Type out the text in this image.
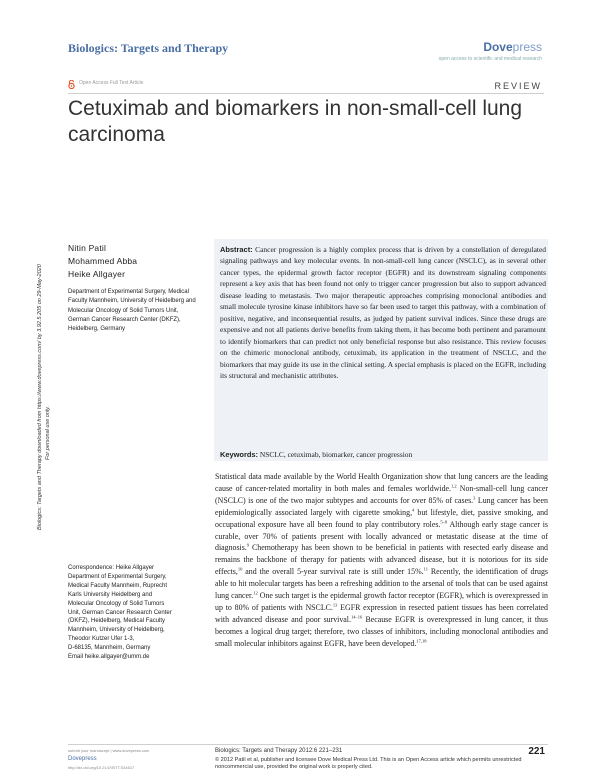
Biologics: Targets and Therapy	Dovepress
open access to scientific and medical research
Open Access Full Text Article	REVIEW
Cetuximab and biomarkers in non-small-cell lung carcinoma
Biologics: Targets and Therapy downloaded from https://www.dovepress.com/ by 3.92.5.205 on 29-May-2020 For personal use only.
Nitin Patil
Mohammed Abba
Heike Allgayer
Department of Experimental Surgery, Medical Faculty Mannheim, University of Heidelberg and Molecular Oncology of Solid Tumors Unit, German Cancer Research Center (DKFZ), Heidelberg, Germany
Correspondence: Heike Allgayer
Department of Experimental Surgery,
Medical Faculty Mannheim, Ruprecht
Karls University Heidelberg and
Molecular Oncology of Solid Tumors
Unit, German Cancer Research Center
(DKFZ), Heidelberg, Medical Faculty
Mannheim, University of Heidelberg,
Theodor Kutzer Ufer 1-3,
D-68135, Mannheim, Germany
Email heike.allgayer@umm.de
Abstract: Cancer progression is a highly complex process that is driven by a constellation of deregulated signaling pathways and key molecular events. In non-small-cell lung cancer (NSCLC), as in several other cancer types, the epidermal growth factor receptor (EGFR) and its downstream signaling components represent a key axis that has been found not only to trigger cancer progression but also to support advanced disease leading to metastasis. Two major therapeutic approaches comprising monoclonal antibodies and small molecule tyrosine kinase inhibitors have so far been used to target this pathway, with a combination of positive, negative, and inconsequential results, as judged by patient survival indices. Since these drugs are expensive and not all patients derive benefits from taking them, it has become both pertinent and paramount to identify biomarkers that can predict not only beneficial response but also resistance. This review focuses on the chimeric monoclonal antibody, cetuximab, its application in the treatment of NSCLC, and the biomarkers that may guide its use in the clinical setting. A special emphasis is placed on the EGFR, including its structural and mechanistic attributes.
Keywords: NSCLC, cetuximab, biomarker, cancer progression
Statistical data made available by the World Health Organization show that lung cancers are the leading cause of cancer-related mortality in both males and females worldwide.$^{1,2}$ Non-small-cell lung cancer (NSCLC) is one of the two major subtypes and accounts for over 85% of cases.$^3$ Lung cancer has been epidemiologically associated largely with cigarette smoking,$^4$ but lifestyle, diet, passive smoking, and occupational exposure have all been found to play contributory roles.$^{5-8}$ Although early stage cancer is curable, over 70% of patients present with locally advanced or metastatic disease at the time of diagnosis.$^9$ Chemotherapy has been shown to be beneficial in patients with resected early disease and remains the backbone of therapy for patients with advanced disease, but it is notorious for its side effects,$^{10}$ and the overall 5-year survival rate is still under 15%.$^{11}$ Recently, the identification of drugs able to hit molecular targets has been a refreshing addition to the arsenal of tools that can be used against lung cancer.$^{12}$ One such target is the epidermal growth factor receptor (EGFR), which is overexpressed in up to 80% of patients with NSCLC.$^{13}$ EGFR expression in resected patient tissues has been correlated with advanced disease and poor survival.$^{14-16}$ Because EGFR is overexpressed in lung cancer, it thus becomes a logical drug target; therefore, two classes of inhibitors, including monoclonal antibodies and small molecular inhibitors against EGFR, have been developed.$^{17,18}$
submit your manuscript | www.dovepress.com
Dovepress
http://dx.doi.org/10.2147/BTT.S34617
Biologics: Targets and Therapy 2012:6 221–231
© 2012 Patil et al, publisher and licensee Dove Medical Press Ltd. This is an Open Access article which permits unrestricted noncommercial use, provided the original work is properly cited.
221
